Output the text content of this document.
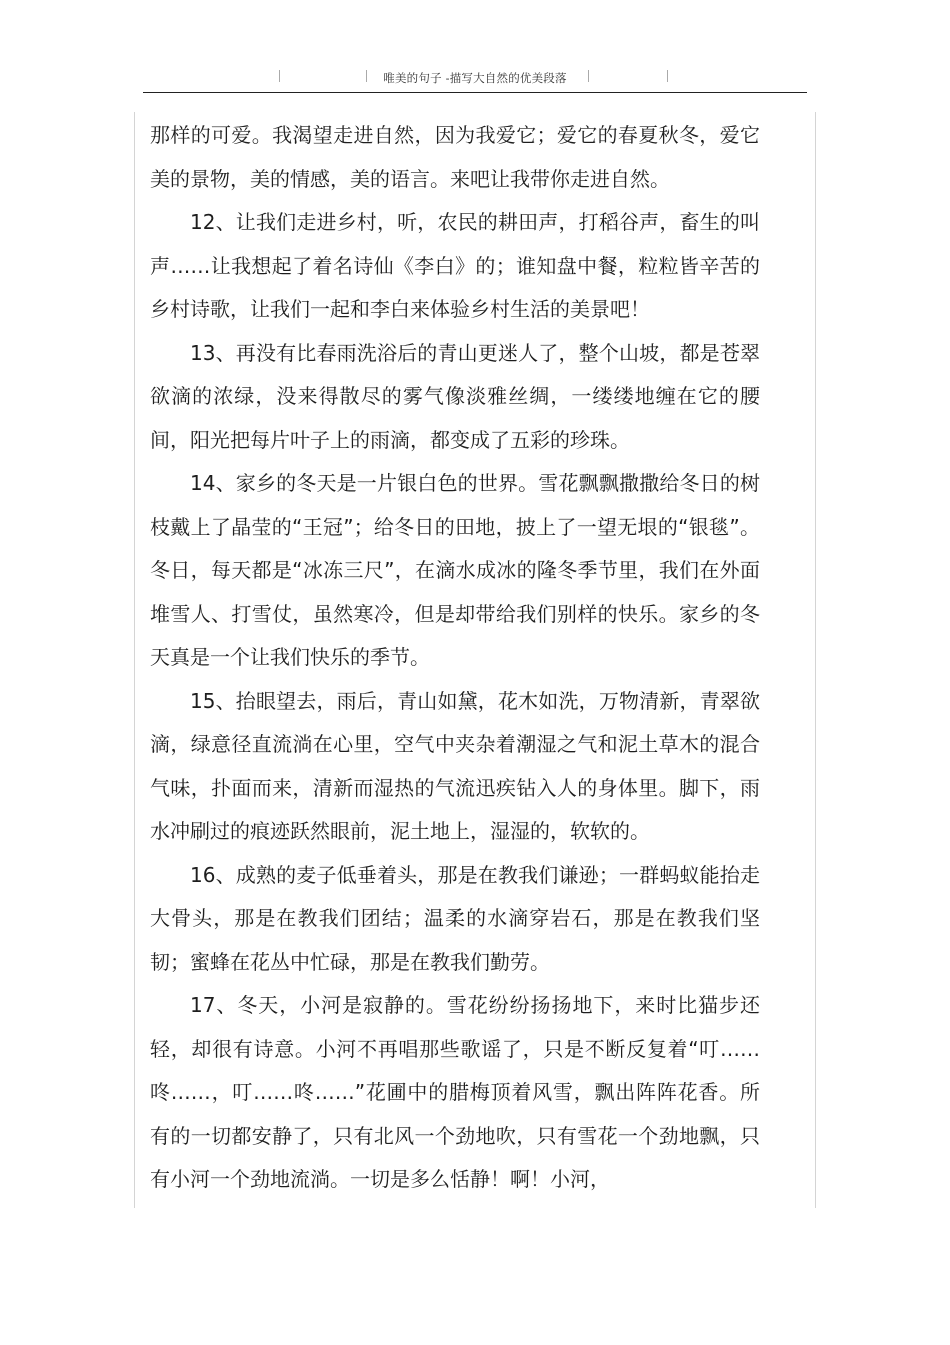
唯美的句子 -描写大自然的优美段落

那样的可爱。我渴望走进自然，因为我爱它；爱它的春夏秋冬，爱它美的景物，美的情感，美的语言。来吧让我带你走进自然。

12、让我们走进乡村，听，农民的耕田声，打稻谷声，畜生的叫声……让我想起了着名诗仙《李白》的；谁知盘中餐，粒粒皆辛苦的乡村诗歌，让我们一起和李白来体验乡村生活的美景吧！

13、再没有比春雨洗浴后的青山更迷人了，整个山坡，都是苍翠欲滴的浓绿，没来得散尽的雾气像淡雅丝绸，一缕缕地缠在它的腰间，阳光把每片叶子上的雨滴，都变成了五彩的珍珠。

14、家乡的冬天是一片银白色的世界。雪花飘飘撒撒给冬日的树枝戴上了晶莹的“王冠”；给冬日的田地，披上了一望无垠的“银毯”。冬日，每天都是“冰冻三尺”，在滴水成冰的隆冬季节里，我们在外面堆雪人、打雪仗，虽然寒冷，但是却带给我们别样的快乐。家乡的冬天真是一个让我们快乐的季节。

15、抬眼望去，雨后，青山如黛，花木如洗，万物清新，青翠欲滴，绿意径直流淌在心里，空气中夹杂着潮湿之气和泥土草木的混合气味，扑面而来，清新而湿热的气流迅疾钻入人的身体里。脚下，雨水冲刷过的痕迹跃然眼前，泥土地上，湿湿的，软软的。

16、成熟的麦子低垂着头，那是在教我们谦逊；一群蚂蚁能抬走大骨头，那是在教我们团结；温柔的水滴穿岩石，那是在教我们坚韧；蜜蜂在花丛中忙碌，那是在教我们勤劳。

17、冬天，小河是寂静的。雪花纷纷扬扬地下，来时比猫步还轻，却很有诗意。小河不再唱那些歌谣了，只是不断反复着“叮……咚……，叮……咚……”花圃中的腊梅顶着风雪，飘出阵阵花香。所有的一切都安静了，只有北风一个劲地吹，只有雪花一个劲地飘，只有小河一个劲地流淌。一切是多么恬静！啊！小河，
